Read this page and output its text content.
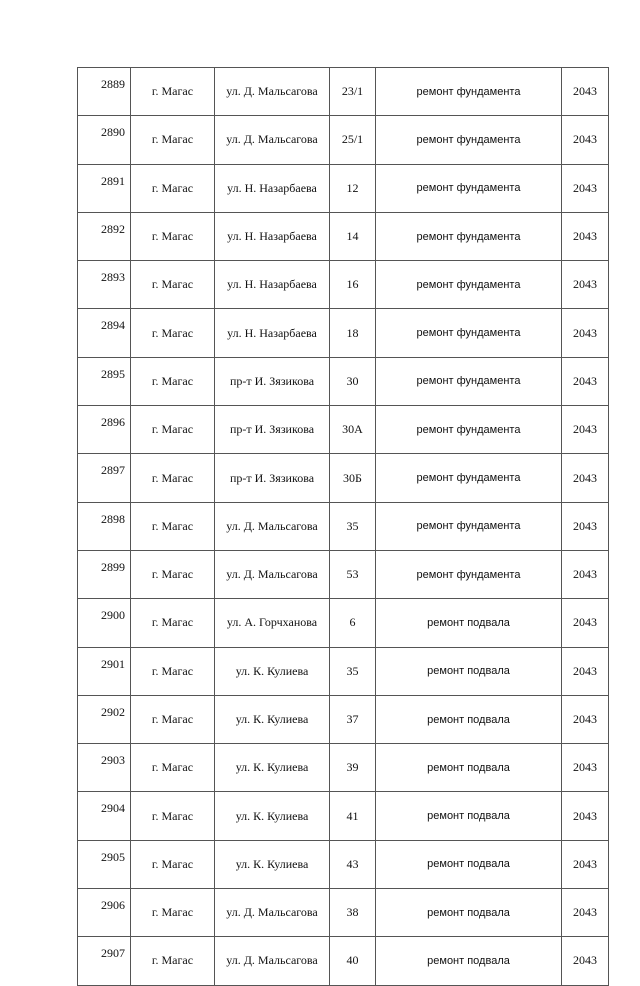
2889	г. Магас	ул. Д. Мальсагова	23/1	ремонт фундамента	2043
2890	г. Магас	ул. Д. Мальсагова	25/1	ремонт фундамента	2043
2891	г. Магас	ул. Н. Назарбаева	12	ремонт фундамента	2043
2892	г. Магас	ул. Н. Назарбаева	14	ремонт фундамента	2043
2893	г. Магас	ул. Н. Назарбаева	16	ремонт фундамента	2043
2894	г. Магас	ул. Н. Назарбаева	18	ремонт фундамента	2043
2895	г. Магас	пр-т И. Зязикова	30	ремонт фундамента	2043
2896	г. Магас	пр-т И. Зязикова	30А	ремонт фундамента	2043
2897	г. Магас	пр-т И. Зязикова	30Б	ремонт фундамента	2043
2898	г. Магас	ул. Д. Мальсагова	35	ремонт фундамента	2043
2899	г. Магас	ул. Д. Мальсагова	53	ремонт фундамента	2043
2900	г. Магас	ул. А. Горчханова	6	ремонт подвала	2043
2901	г. Магас	ул. К. Кулиева	35	ремонт подвала	2043
2902	г. Магас	ул. К. Кулиева	37	ремонт подвала	2043
2903	г. Магас	ул. К. Кулиева	39	ремонт подвала	2043
2904	г. Магас	ул. К. Кулиева	41	ремонт подвала	2043
2905	г. Магас	ул. К. Кулиева	43	ремонт подвала	2043
2906	г. Магас	ул. Д. Мальсагова	38	ремонт подвала	2043
2907	г. Магас	ул. Д. Мальсагова	40	ремонт подвала	2043
